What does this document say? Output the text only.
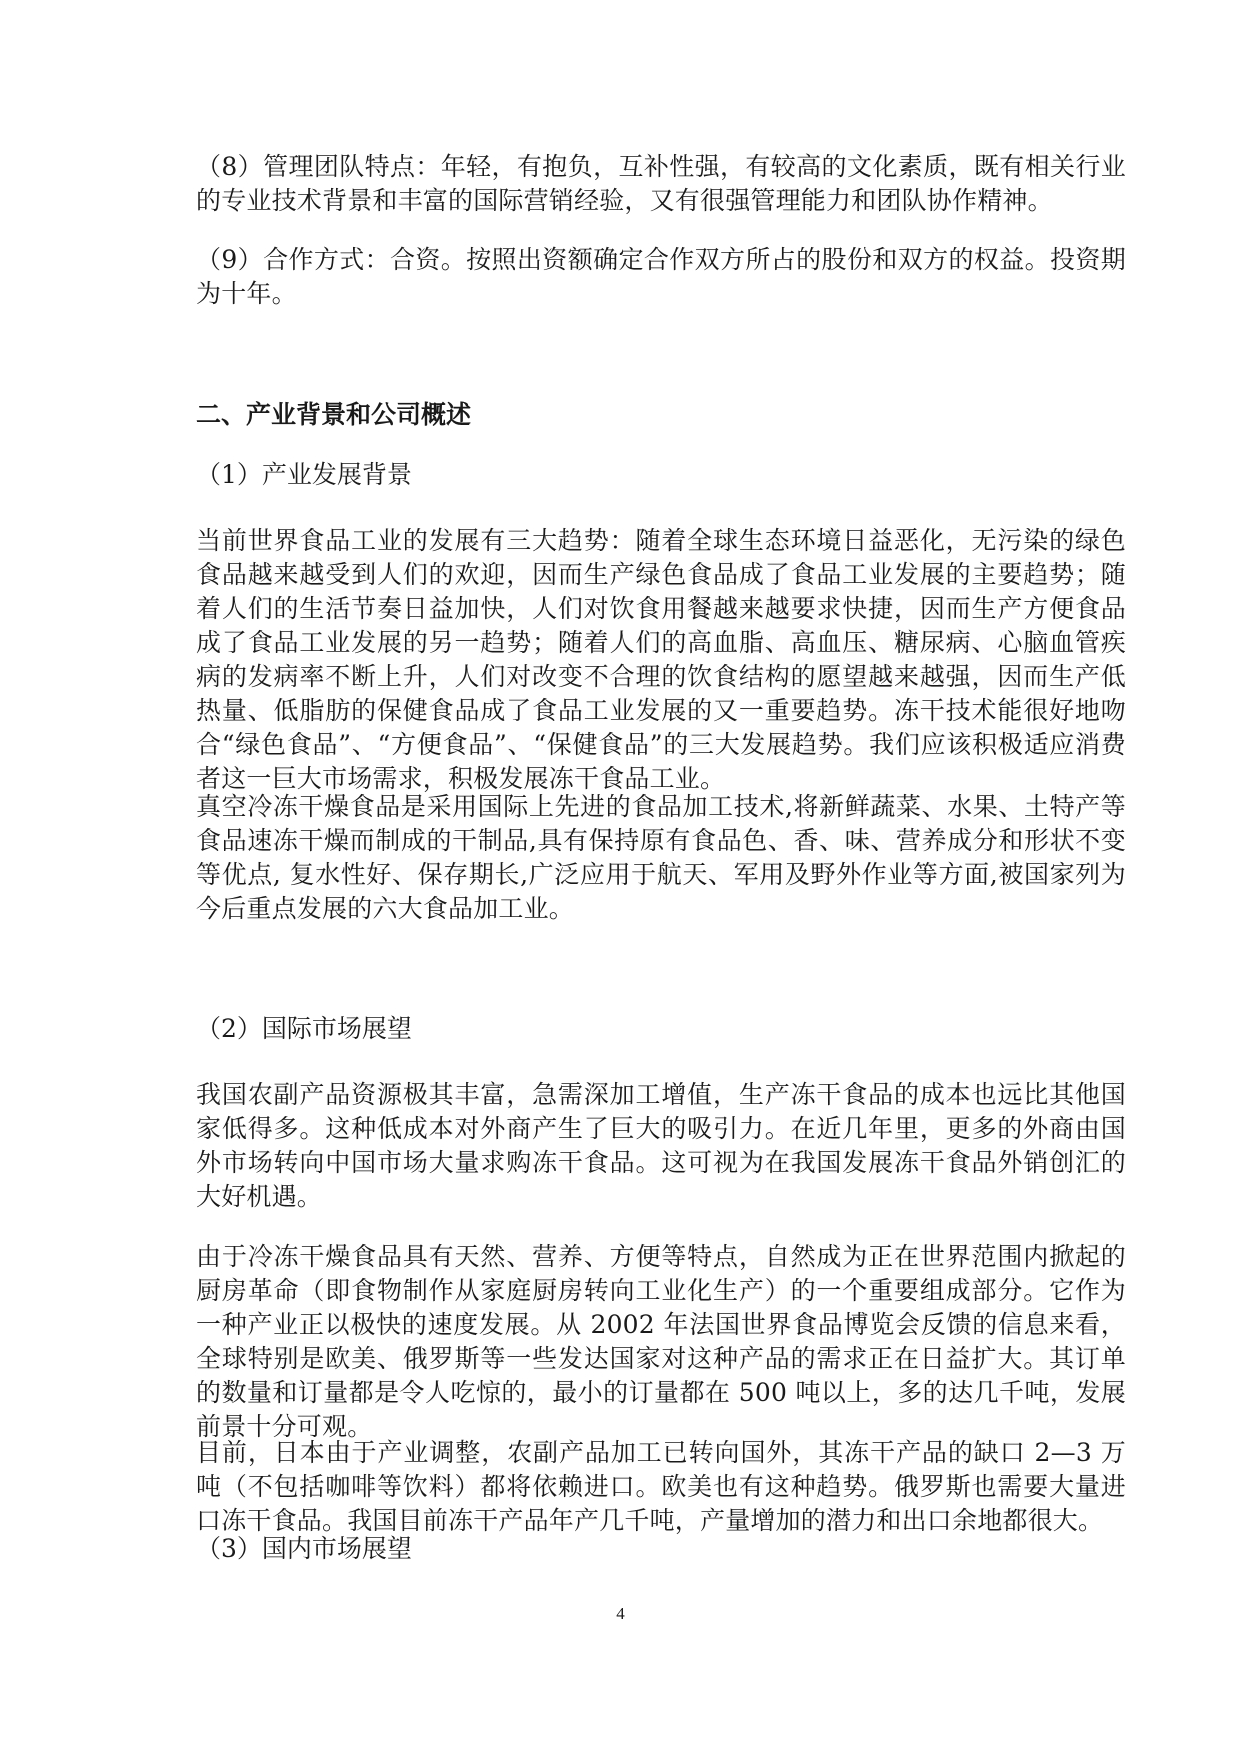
（8）管理团队特点：年轻，有抱负，互补性强，有较高的文化素质，既有相关行业的专业技术背景和丰富的国际营销经验，又有很强管理能力和团队协作精神。

（9）合作方式：合资。按照出资额确定合作双方所占的股份和双方的权益。投资期为十年。

二、产业背景和公司概述

（1）产业发展背景

当前世界食品工业的发展有三大趋势：随着全球生态环境日益恶化，无污染的绿色食品越来越受到人们的欢迎，因而生产绿色食品成了食品工业发展的主要趋势；随着人们的生活节奏日益加快，人们对饮食用餐越来越要求快捷，因而生产方便食品成了食品工业发展的另一趋势；随着人们的高血脂、高血压、糖尿病、心脑血管疾病的发病率不断上升，人们对改变不合理的饮食结构的愿望越来越强，因而生产低热量、低脂肪的保健食品成了食品工业发展的又一重要趋势。冻干技术能很好地吻合“绿色食品”、“方便食品”、“保健食品”的三大发展趋势。我们应该积极适应消费者这一巨大市场需求，积极发展冻干食品工业。

真空冷冻干燥食品是采用国际上先进的食品加工技术,将新鲜蔬菜、水果、土特产等食品速冻干燥而制成的干制品,具有保持原有食品色、香、味、营养成分和形状不变等优点, 复水性好、保存期长,广泛应用于航天、军用及野外作业等方面,被国家列为今后重点发展的六大食品加工业。

（2）国际市场展望

我国农副产品资源极其丰富，急需深加工增值，生产冻干食品的成本也远比其他国家低得多。这种低成本对外商产生了巨大的吸引力。在近几年里，更多的外商由国外市场转向中国市场大量求购冻干食品。这可视为在我国发展冻干食品外销创汇的大好机遇。

由于冷冻干燥食品具有天然、营养、方便等特点，自然成为正在世界范围内掀起的厨房革命（即食物制作从家庭厨房转向工业化生产）的一个重要组成部分。它作为一种产业正以极快的速度发展。从 2002 年法国世界食品博览会反馈的信息来看，全球特别是欧美、俄罗斯等一些发达国家对这种产品的需求正在日益扩大。其订单的数量和订量都是令人吃惊的，最小的订量都在 500 吨以上，多的达几千吨，发展前景十分可观。

目前，日本由于产业调整，农副产品加工已转向国外，其冻干产品的缺口 2—3 万吨（不包括咖啡等饮料）都将依赖进口。欧美也有这种趋势。俄罗斯也需要大量进口冻干食品。我国目前冻干产品年产几千吨，产量增加的潜力和出口余地都很大。

（3）国内市场展望

4
